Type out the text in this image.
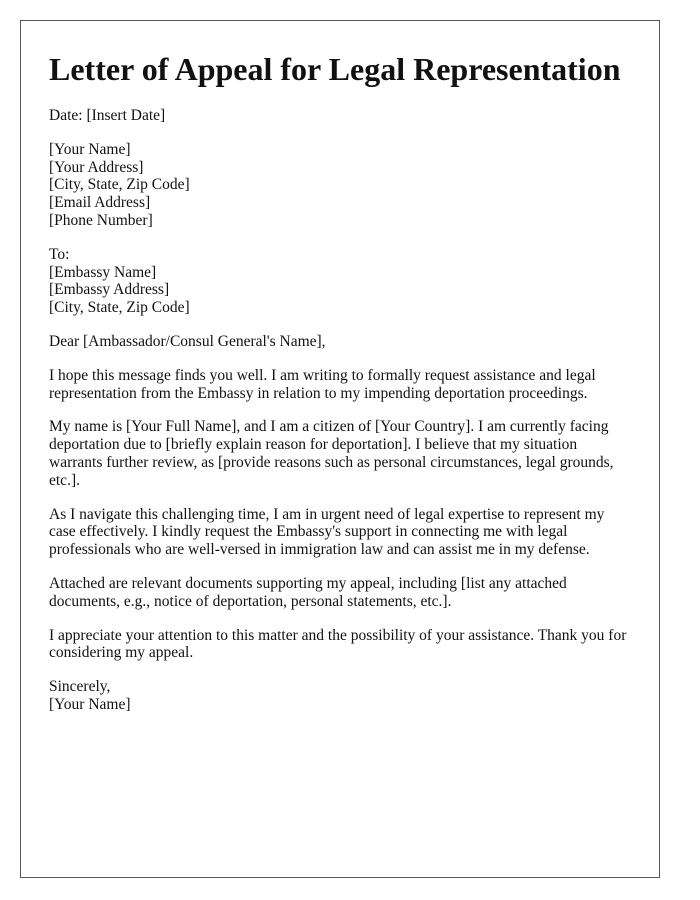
Letter of Appeal for Legal Representation

Date: [Insert Date]

[Your Name]
[Your Address]
[City, State, Zip Code]
[Email Address]
[Phone Number]
To:
[Embassy Name]
[Embassy Address]
[City, State, Zip Code]

Dear [Ambassador/Consul General's Name],

I hope this message finds you well. I am writing to formally request assistance and legal representation from the Embassy in relation to my impending deportation proceedings.

My name is [Your Full Name], and I am a citizen of [Your Country]. I am currently facing deportation due to [briefly explain reason for deportation]. I believe that my situation warrants further review, as [provide reasons such as personal circumstances, legal grounds, etc.].

As I navigate this challenging time, I am in urgent need of legal expertise to represent my case effectively. I kindly request the Embassy's support in connecting me with legal professionals who are well-versed in immigration law and can assist me in my defense.

Attached are relevant documents supporting my appeal, including [list any attached documents, e.g., notice of deportation, personal statements, etc.].

I appreciate your attention to this matter and the possibility of your assistance. Thank you for considering my appeal.

Sincerely,
[Your Name]
